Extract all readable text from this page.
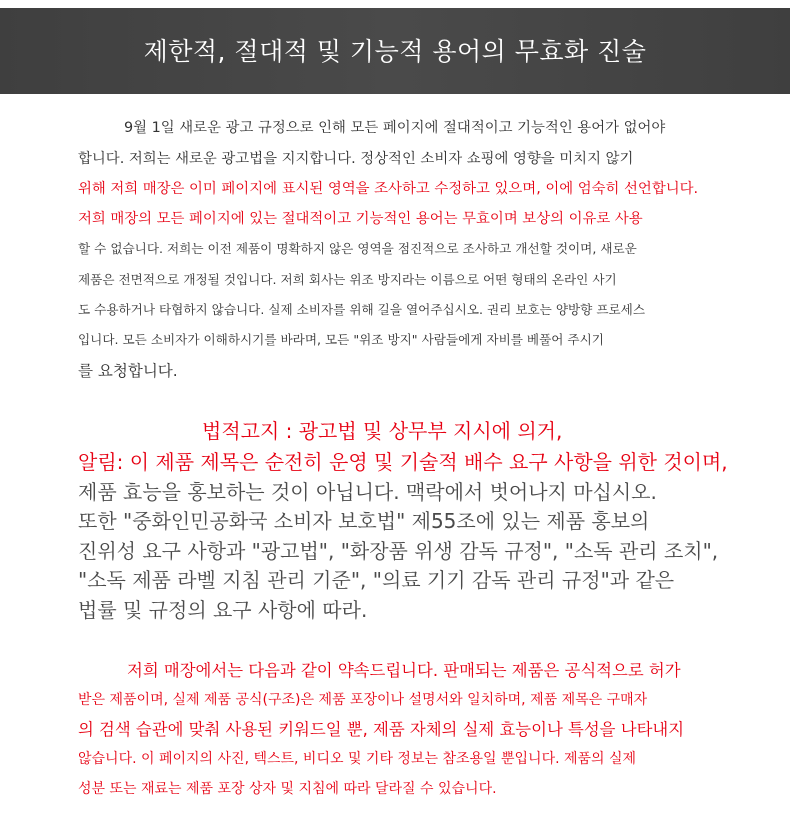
제한적, 절대적 및 기능적 용어의 무효화 진술
9월 1일 새로운 광고 규정으로 인해 모든 페이지에 절대적이고 기능적인 용어가 없어야
합니다. 저희는 새로운 광고법을 지지합니다. 정상적인 소비자 쇼핑에 영향을 미치지 않기
위해 저희 매장은 이미 페이지에 표시된 영역을 조사하고 수정하고 있으며, 이에 엄숙히 선언합니다.
저희 매장의 모든 페이지에 있는 절대적이고 기능적인 용어는 무효이며 보상의 이유로 사용
할 수 없습니다. 저희는 이전 제품이 명확하지 않은 영역을 점진적으로 조사하고 개선할 것이며, 새로운
제품은 전면적으로 개정될 것입니다. 저희 회사는 위조 방지라는 이름으로 어떤 형태의 온라인 사기
도 수용하거나 타협하지 않습니다. 실제 소비자를 위해 길을 열어주십시오. 권리 보호는 양방향 프로세스
입니다. 모든 소비자가 이해하시기를 바라며, 모든 "위조 방지" 사람들에게 자비를 베풀어 주시기
를 요청합니다.
법적고지 : 광고법 및 상무부 지시에 의거,
알림: 이 제품 제목은 순전히 운영 및 기술적 배수 요구 사항을 위한 것이며,
제품 효능을 홍보하는 것이 아닙니다. 맥락에서 벗어나지 마십시오.
또한 "중화인민공화국 소비자 보호법" 제55조에 있는 제품 홍보의
진위성 요구 사항과 "광고법", "화장품 위생 감독 규정", "소독 관리 조치",
"소독 제품 라벨 지침 관리 기준", "의료 기기 감독 관리 규정"과 같은
법률 및 규정의 요구 사항에 따라.
저희 매장에서는 다음과 같이 약속드립니다. 판매되는 제품은 공식적으로 허가
받은 제품이며, 실제 제품 공식(구조)은 제품 포장이나 설명서와 일치하며, 제품 제목은 구매자
의 검색 습관에 맞춰 사용된 키워드일 뿐, 제품 자체의 실제 효능이나 특성을 나타내지
않습니다. 이 페이지의 사진, 텍스트, 비디오 및 기타 정보는 참조용일 뿐입니다. 제품의 실제
성분 또는 재료는 제품 포장 상자 및 지침에 따라 달라질 수 있습니다.
